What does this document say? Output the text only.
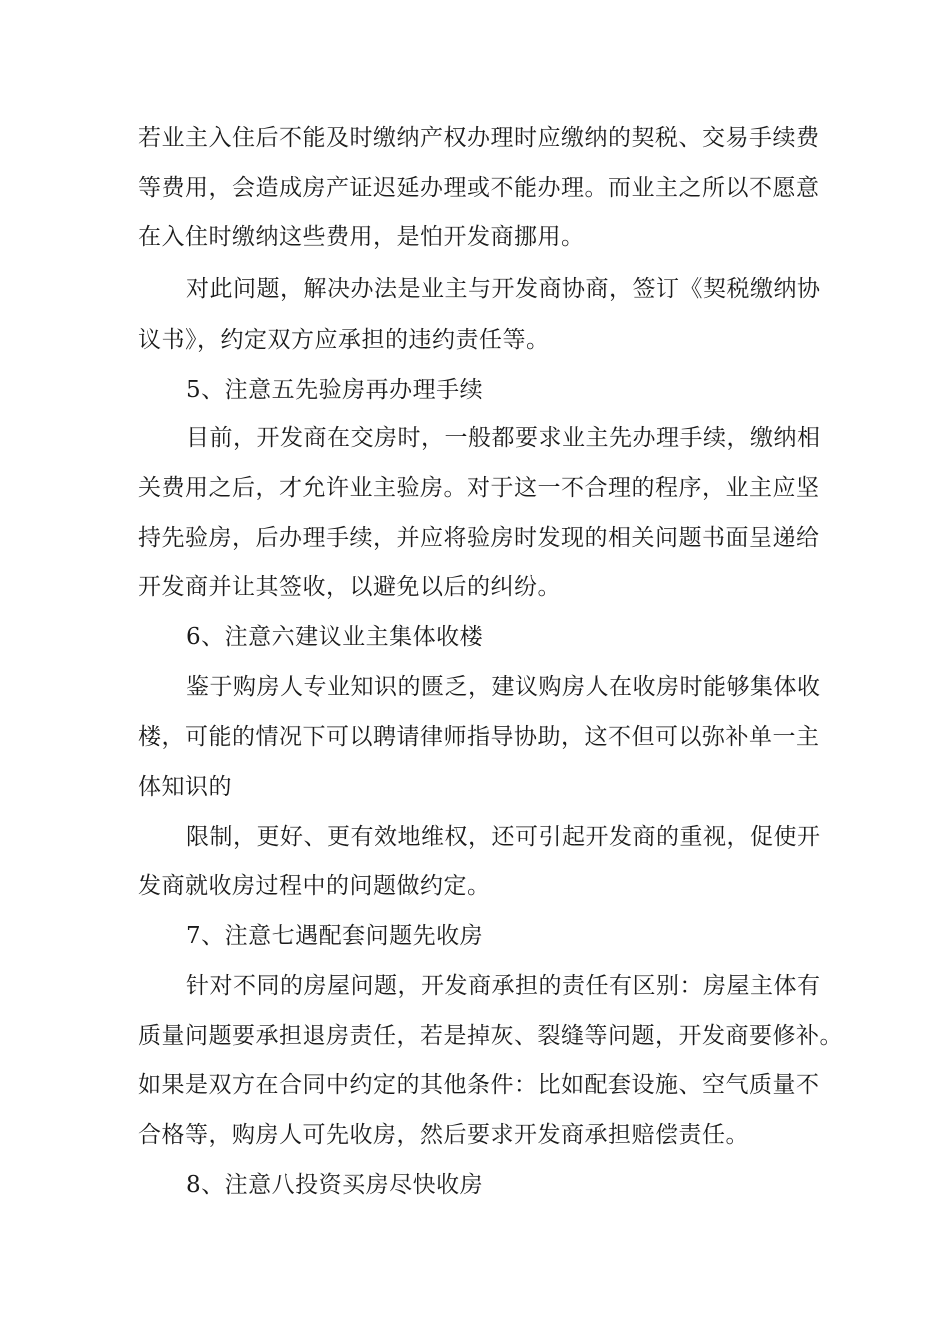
若业主入住后不能及时缴纳产权办理时应缴纳的契税、交易手续费
等费用，会造成房产证迟延办理或不能办理。而业主之所以不愿意
在入住时缴纳这些费用，是怕开发商挪用。
对此问题，解决办法是业主与开发商协商，签订《契税缴纳协
议书》，约定双方应承担的违约责任等。
5、注意五先验房再办理手续
目前，开发商在交房时，一般都要求业主先办理手续，缴纳相
关费用之后，才允许业主验房。对于这一不合理的程序，业主应坚
持先验房，后办理手续，并应将验房时发现的相关问题书面呈递给
开发商并让其签收，以避免以后的纠纷。
6、注意六建议业主集体收楼
鉴于购房人专业知识的匮乏，建议购房人在收房时能够集体收
楼，可能的情况下可以聘请律师指导协助，这不但可以弥补单一主
体知识的
限制，更好、更有效地维权，还可引起开发商的重视，促使开
发商就收房过程中的问题做约定。
7、注意七遇配套问题先收房
针对不同的房屋问题，开发商承担的责任有区别：房屋主体有
质量问题要承担退房责任，若是掉灰、裂缝等问题，开发商要修补。
如果是双方在合同中约定的其他条件：比如配套设施、空气质量不
合格等，购房人可先收房，然后要求开发商承担赔偿责任。
8、注意八投资买房尽快收房
